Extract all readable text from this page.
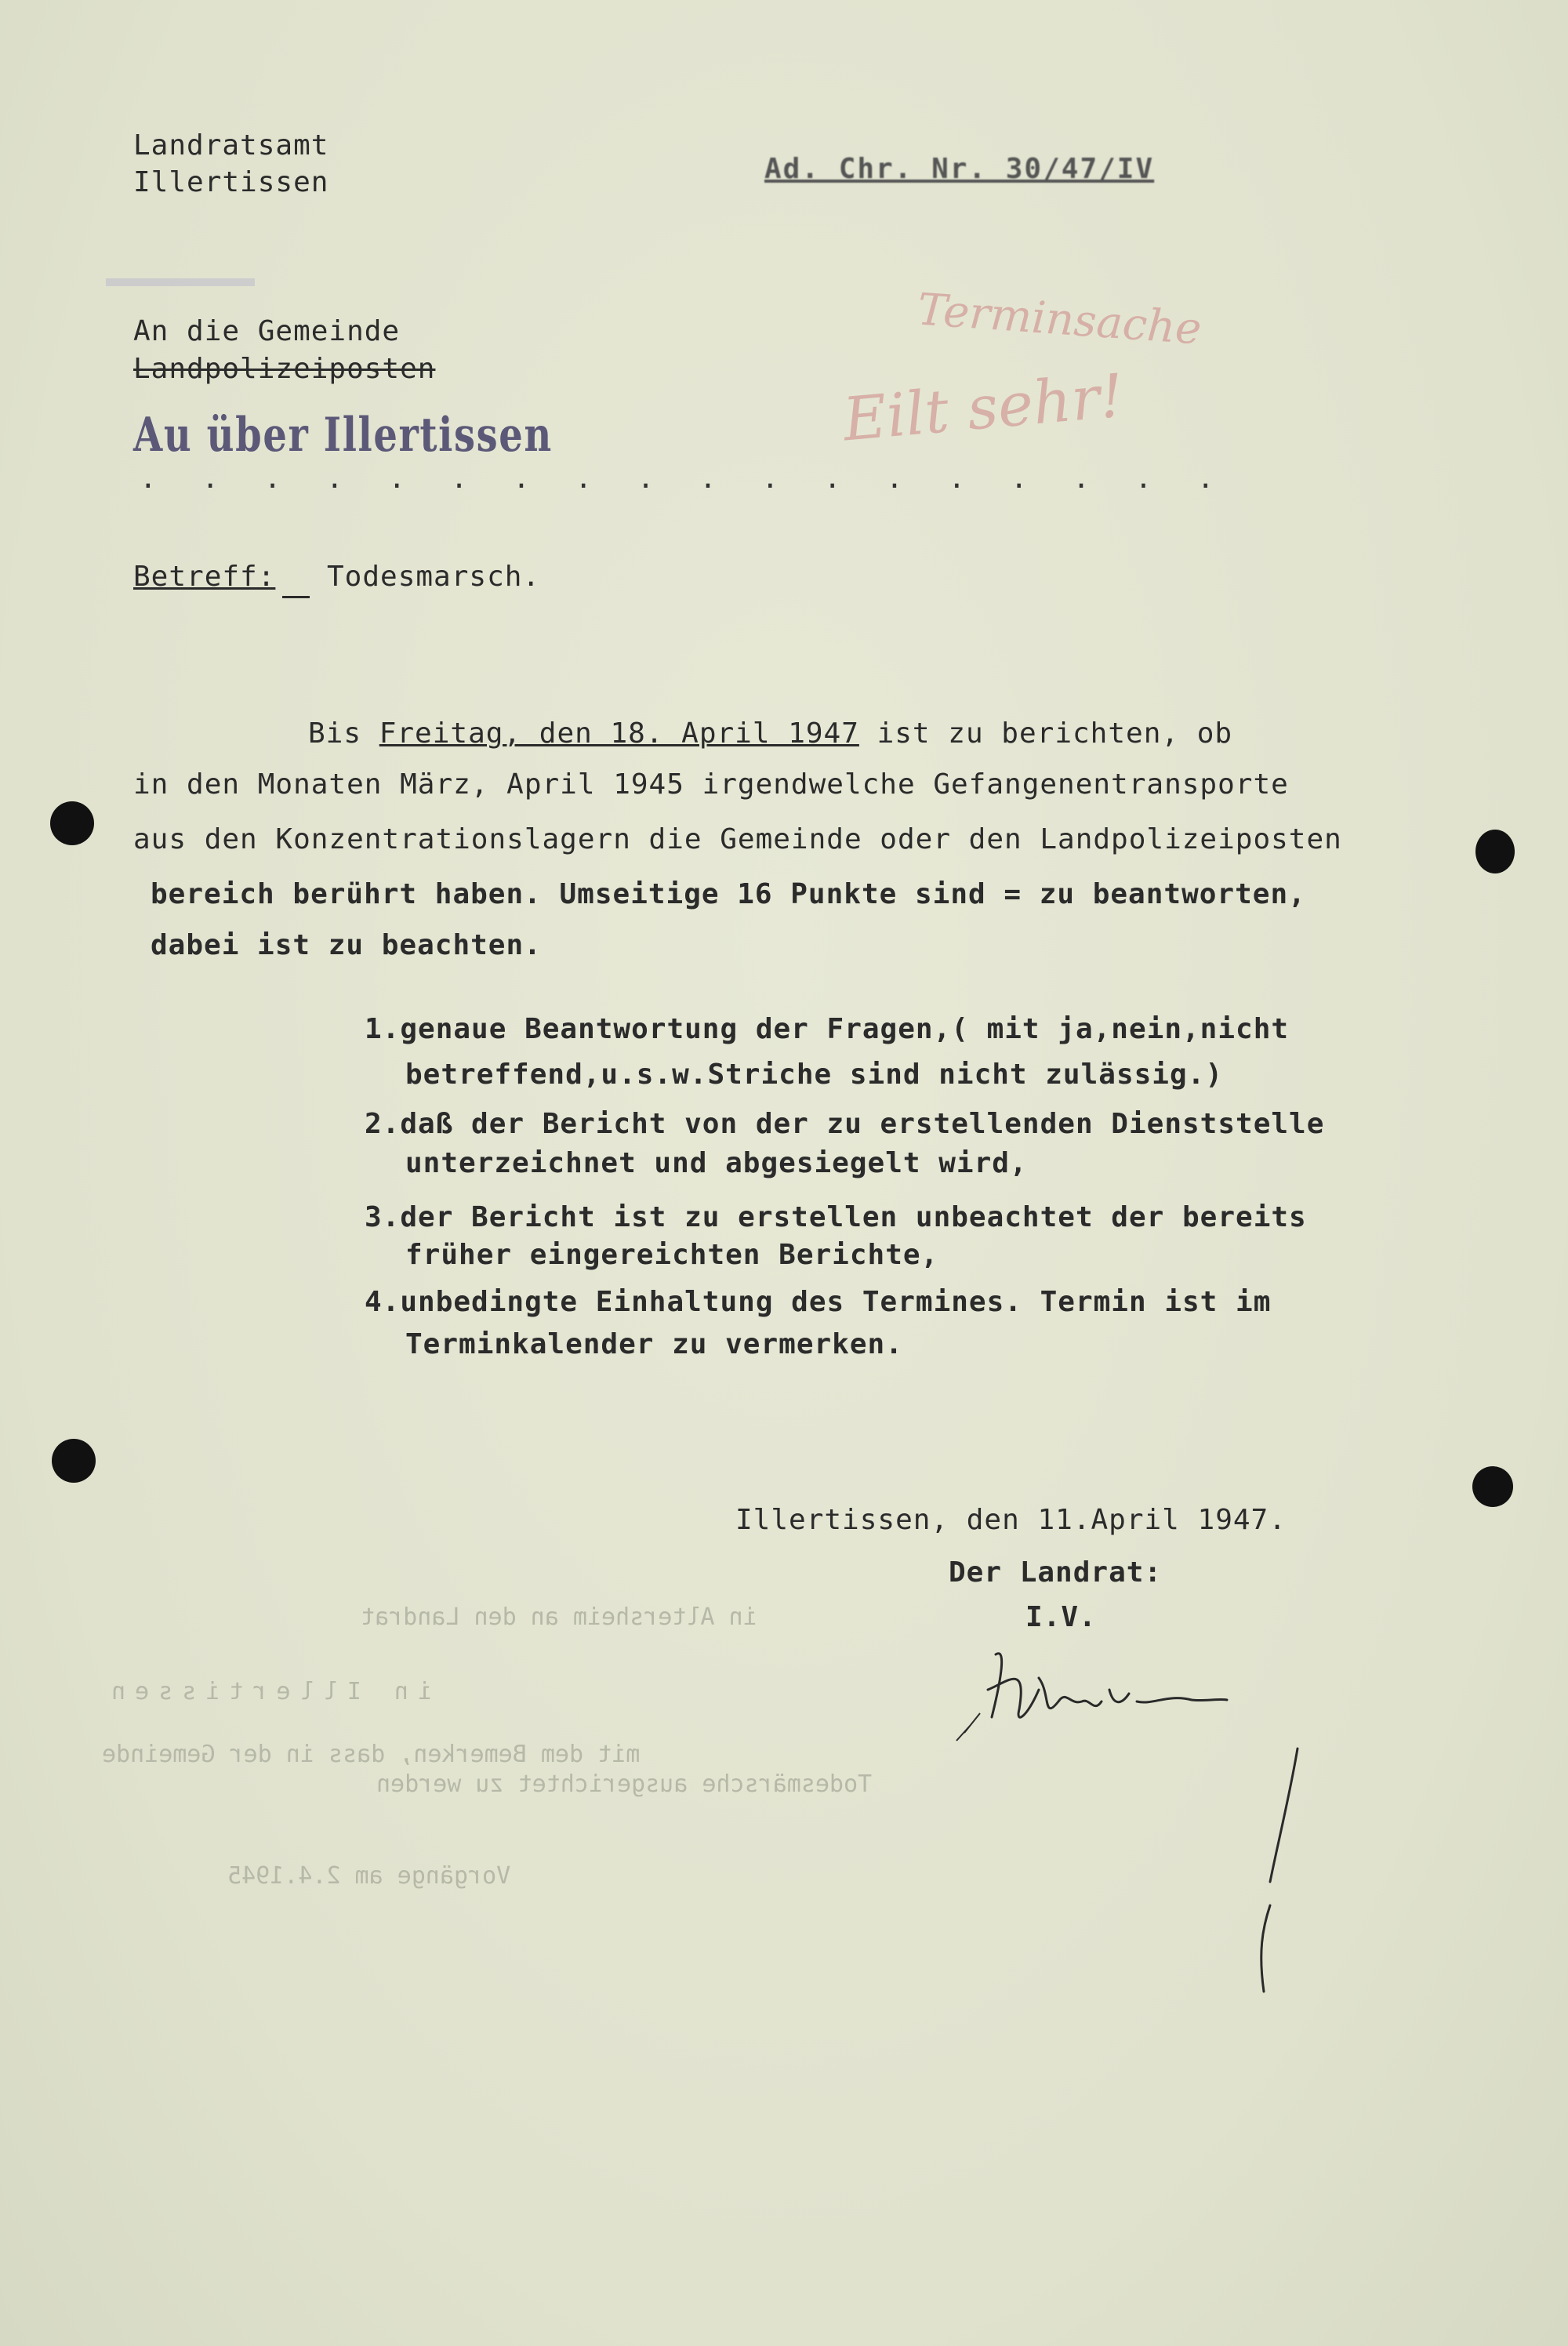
Landratsamt
Illertissen	Ad. Chr. Nr. 30/47/IV
An die Gemeinde
Landpolizeiposten
Au über Illertissen
. . . . . . . . . . . . . . . . . .
Terminsache
Eilt sehr!
Betreff: Todesmarsch.
Bis Freitag, den 18. April 1947 ist zu berichten, ob
in den Monaten März, April 1945 irgendwelche Gefangenentransporte
aus den Konzentrationslagern die Gemeinde oder den Landpolizeiposten
bereich berührt haben. Umseitige 16 Punkte sind = zu beantworten,
dabei ist zu beachten.
1.genaue Beantwortung der Fragen,( mit ja,nein,nicht
betreffend,u.s.w.Striche sind nicht zulässig.)
2.daß der Bericht von der zu erstellenden Dienststelle
unterzeichnet und abgesiegelt wird,
3.der Bericht ist zu erstellen unbeachtet der bereits
früher eingereichten Berichte,
4.unbedingte Einhaltung des Termines. Termin ist im
Terminkalender zu vermerken.
Illertissen, den 11.April 1947.
Der Landrat:
I.V.
in Altersheim an den Landrat
in Illertissen
mit dem Bemerken, dass in der Gemeinde
Todesmärsche ausgerichtet zu werden
Vorgänge am 2.4.1945
